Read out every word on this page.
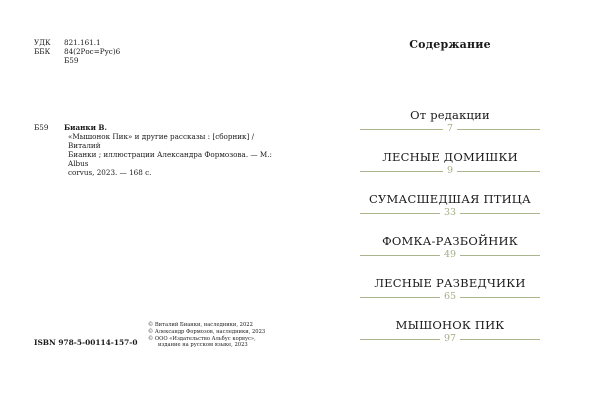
УДК	821.161.1
ББК	84(2Рос=Рус)6
Б59
Б59	Бианки В.
«Мышонок Пик» и другие рассказы : [сборник] / Виталий
Бианки ; иллюстрации Александра Формозова. — М.: Albus
corvus, 2023. — 168 с.
ISBN 978-5-00114-157-0
© Виталий Бианки, наследники, 2022
© Александр Формозов, наследники, 2023
© ООО «Издательство Альбус корвус»,
издание на русском языке, 2023
Содержание
От редакции
7
ЛЕСНЫЕ ДОМИШКИ
9
СУМАСШЕДШАЯ ПТИЦА
33
ФОМКА-РАЗБОЙНИК
49
ЛЕСНЫЕ РАЗВЕДЧИКИ
65
МЫШОНОК ПИК
97
